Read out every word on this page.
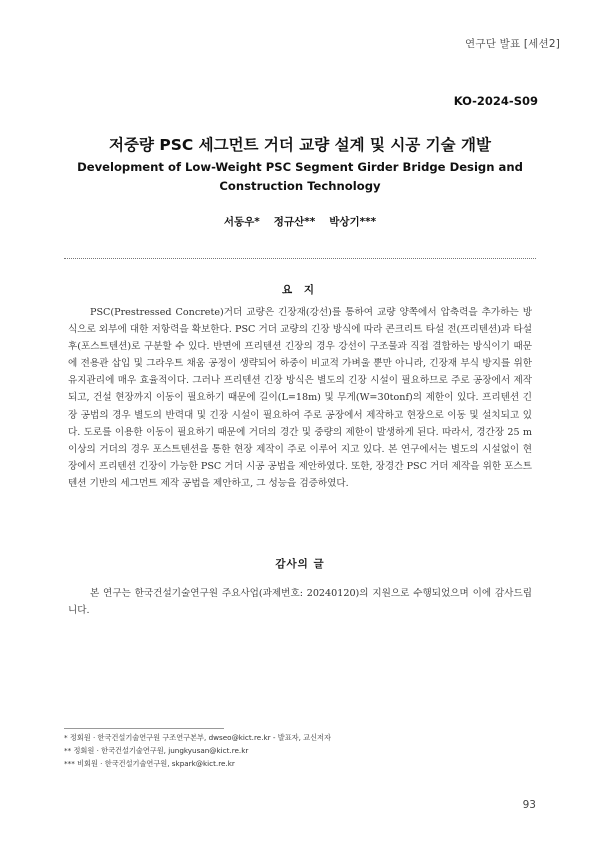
연구단 발표 [세션2]
KO-2024-S09
저중량 PSC 세그먼트 거더 교량 설계 및 시공 기술 개발
Development of Low-Weight PSC Segment Girder Bridge Design and Construction Technology
서동우* 정규산** 박상기***
요 지
PSC(Prestressed Concrete)거더 교량은 긴장재(강선)를 통하여 교량 양쪽에서 압축력을 추가하는 방식으로 외부에 대한 저항력을 확보한다. PSC 거더 교량의 긴장 방식에 따라 콘크리트 타설 전(프리텐션)과 타설 후(포스트텐션)로 구분할 수 있다. 반면에 프리텐션 긴장의 경우 강선이 구조물과 직접 결합하는 방식이기 때문에 전용관 삽입 및 그라우트 채움 공정이 생략되어 하중이 비교적 가벼울 뿐만 아니라, 긴장재 부식 방지를 위한 유지관리에 매우 효율적이다. 그러나 프리텐션 긴장 방식은 별도의 긴장 시설이 필요하므로 주로 공장에서 제작되고, 건설 현장까지 이동이 필요하기 때문에 길이(L=18m) 및 무게(W=30tonf)의 제한이 있다. 프리텐션 긴장 공법의 경우 별도의 반력대 및 긴장 시설이 필요하여 주로 공장에서 제작하고 현장으로 이동 및 설치되고 있다. 도로를 이용한 이동이 필요하기 때문에 거더의 경간 및 중량의 제한이 발생하게 된다. 따라서, 경간장 25 m 이상의 거더의 경우 포스트텐션을 통한 현장 제작이 주로 이루어 지고 있다. 본 연구에서는 별도의 시설없이 현장에서 프리텐션 긴장이 가능한 PSC 거더 시공 공법을 제안하였다. 또한, 장경간 PSC 거더 제작을 위한 포스트텐션 기반의 세그먼트 제작 공법을 제안하고, 그 성능을 검증하였다.
감사의 글
본 연구는 한국건설기술연구원 주요사업(과제번호: 20240120)의 지원으로 수행되었으며 이에 감사드립니다.
* 정회원 · 한국건설기술연구원 구조연구본부, dwseo@kict.re.kr - 발표자, 교신저자
** 정회원 · 한국건설기술연구원, jungkyusan@kict.re.kr
*** 비회원 · 한국건설기술연구원, skpark@kict.re.kr
93
